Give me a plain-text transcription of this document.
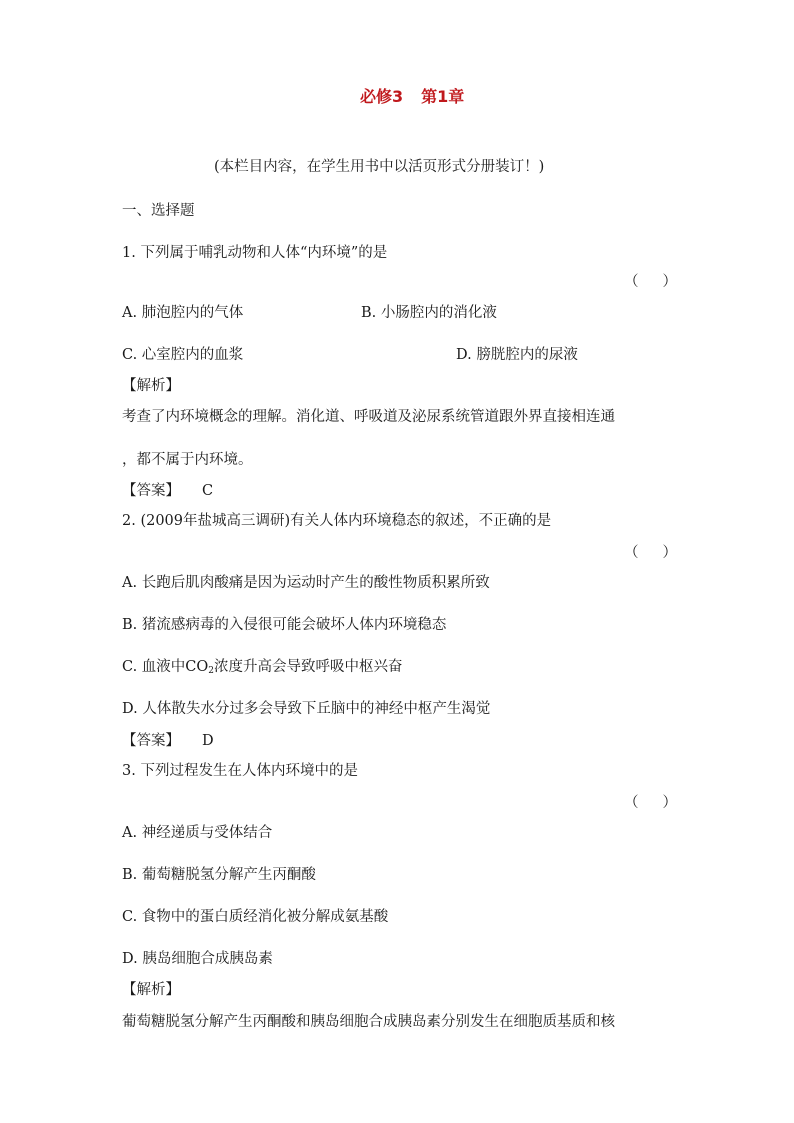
必修3 第1章
(本栏目内容，在学生用书中以活页形式分册装订！)
一、选择题
1. 下列属于哺乳动物和人体“内环境”的是
（ ）
A. 肺泡腔内的气体	B. 小肠腔内的消化液
C. 心室腔内的血浆	D. 膀胱腔内的尿液
【解析】
考查了内环境概念的理解。消化道、呼吸道及泌尿系统管道跟外界直接相连通
，都不属于内环境。
【答案】 C
2. (2009年盐城高三调研)有关人体内环境稳态的叙述，不正确的是
（ ）
A. 长跑后肌肉酸痛是因为运动时产生的酸性物质积累所致
B. 猪流感病毒的入侵很可能会破坏人体内环境稳态
C. 血液中$CO_2$浓度升高会导致呼吸中枢兴奋
D. 人体散失水分过多会导致下丘脑中的神经中枢产生渴觉
【答案】 D
3. 下列过程发生在人体内环境中的是
（ ）
A. 神经递质与受体结合
B. 葡萄糖脱氢分解产生丙酮酸
C. 食物中的蛋白质经消化被分解成氨基酸
D. 胰岛细胞合成胰岛素
【解析】
葡萄糖脱氢分解产生丙酮酸和胰岛细胞合成胰岛素分别发生在细胞质基质和核
